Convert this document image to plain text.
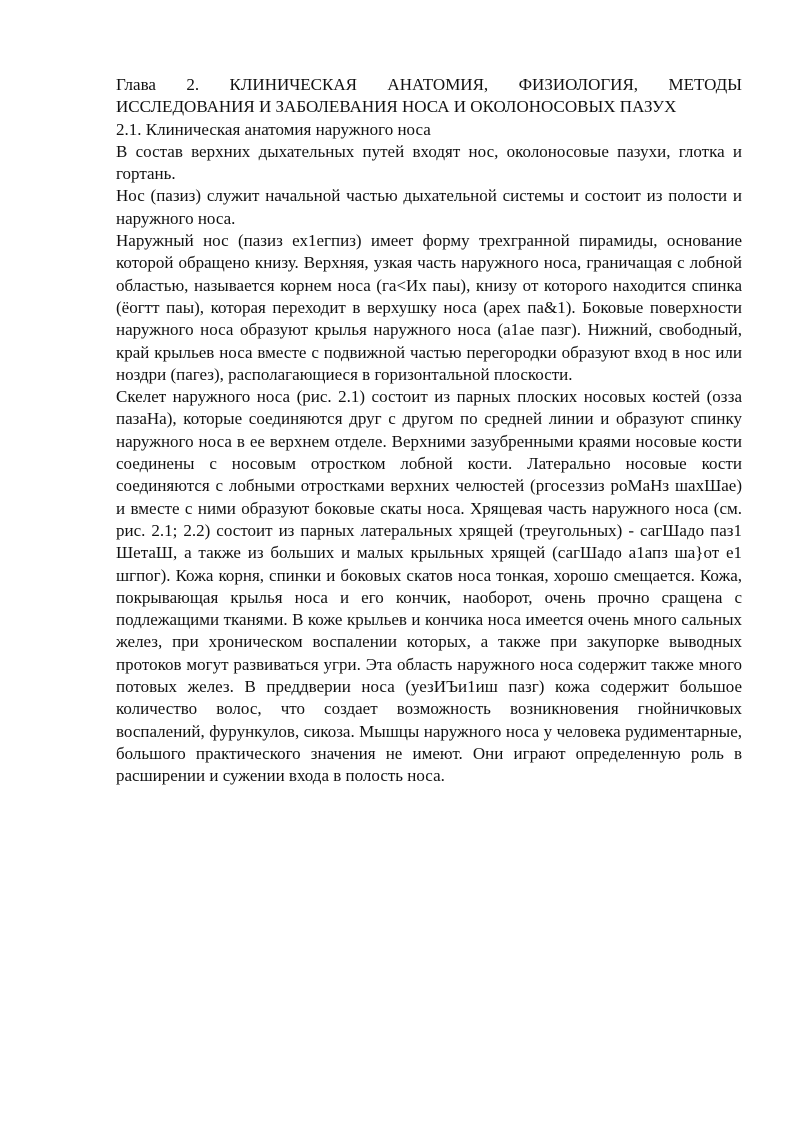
Глава 2. КЛИНИЧЕСКАЯ АНАТОМИЯ, ФИЗИОЛОГИЯ, МЕТОДЫ

ИССЛЕДОВАНИЯ И ЗАБОЛЕВАНИЯ НОСА И ОКОЛОНОСОВЫХ ПАЗУХ

2.1. Клиническая анатомия наружного носа

В состав верхних дыхательных путей входят нос, околоносовые пазухи, глотка и гортань.

Нос (пазиз) служит начальной частью дыхательной системы и состоит из полости и наружного носа.

Наружный нос (пазиз ех1егпиз) имеет форму трехгранной пирамиды, основание которой обращено книзу. Верхняя, узкая часть наружного носа, граничащая с лобной областью, называется корнем носа (га<Их паы), книзу от которого находится спинка (ёогтт паы), которая переходит в верхушку носа (арех па&1). Боковые поверхности наружного носа образуют крылья наружного носа (а1ае пазг). Нижний, свободный, край крыльев носа вместе с подвижной частью перегородки образуют вход в нос или ноздри (пагез), располагающиеся в горизонтальной плоскости.

Скелет наружного носа (рис. 2.1) состоит из парных плоских носовых костей (озза пазаНа), которые соединяются друг с другом по средней линии и образуют спинку наружного носа в ее верхнем отделе. Верхними зазубренными краями носовые кости соединены с носовым отростком лобной кости. Латерально носовые кости соединяются с лобными отростками верхних челюстей (ргосеззиз роМаНз шахШае) и вместе с ними образуют боковые скаты носа. Хрящевая часть наружного носа (см. рис. 2.1; 2.2) состоит из парных латеральных хрящей (треугольных) - сагШадо паз1 ШетаШ, а также из больших и малых крыльных хрящей (сагШадо а1апз ша}от е1 шгпог). Кожа корня, спинки и боковых скатов носа тонкая, хорошо смещается. Кожа, покрывающая крылья носа и его кончик, наоборот, очень прочно сращена с подлежащими тканями. В коже крыльев и кончика носа имеется очень много сальных желез, при хроническом воспалении которых, а также при закупорке выводных протоков могут развиваться угри. Эта область наружного носа содержит также много потовых желез. В преддверии носа (уезИЪи1иш пазг) кожа содержит большое количество волос, что создает возможность возникновения гнойничковых воспалений, фурункулов, сикоза. Мышцы наружного носа у человека рудиментарные, большого практического значения не имеют. Они играют определенную роль в расширении и сужении входа в полость носа.
